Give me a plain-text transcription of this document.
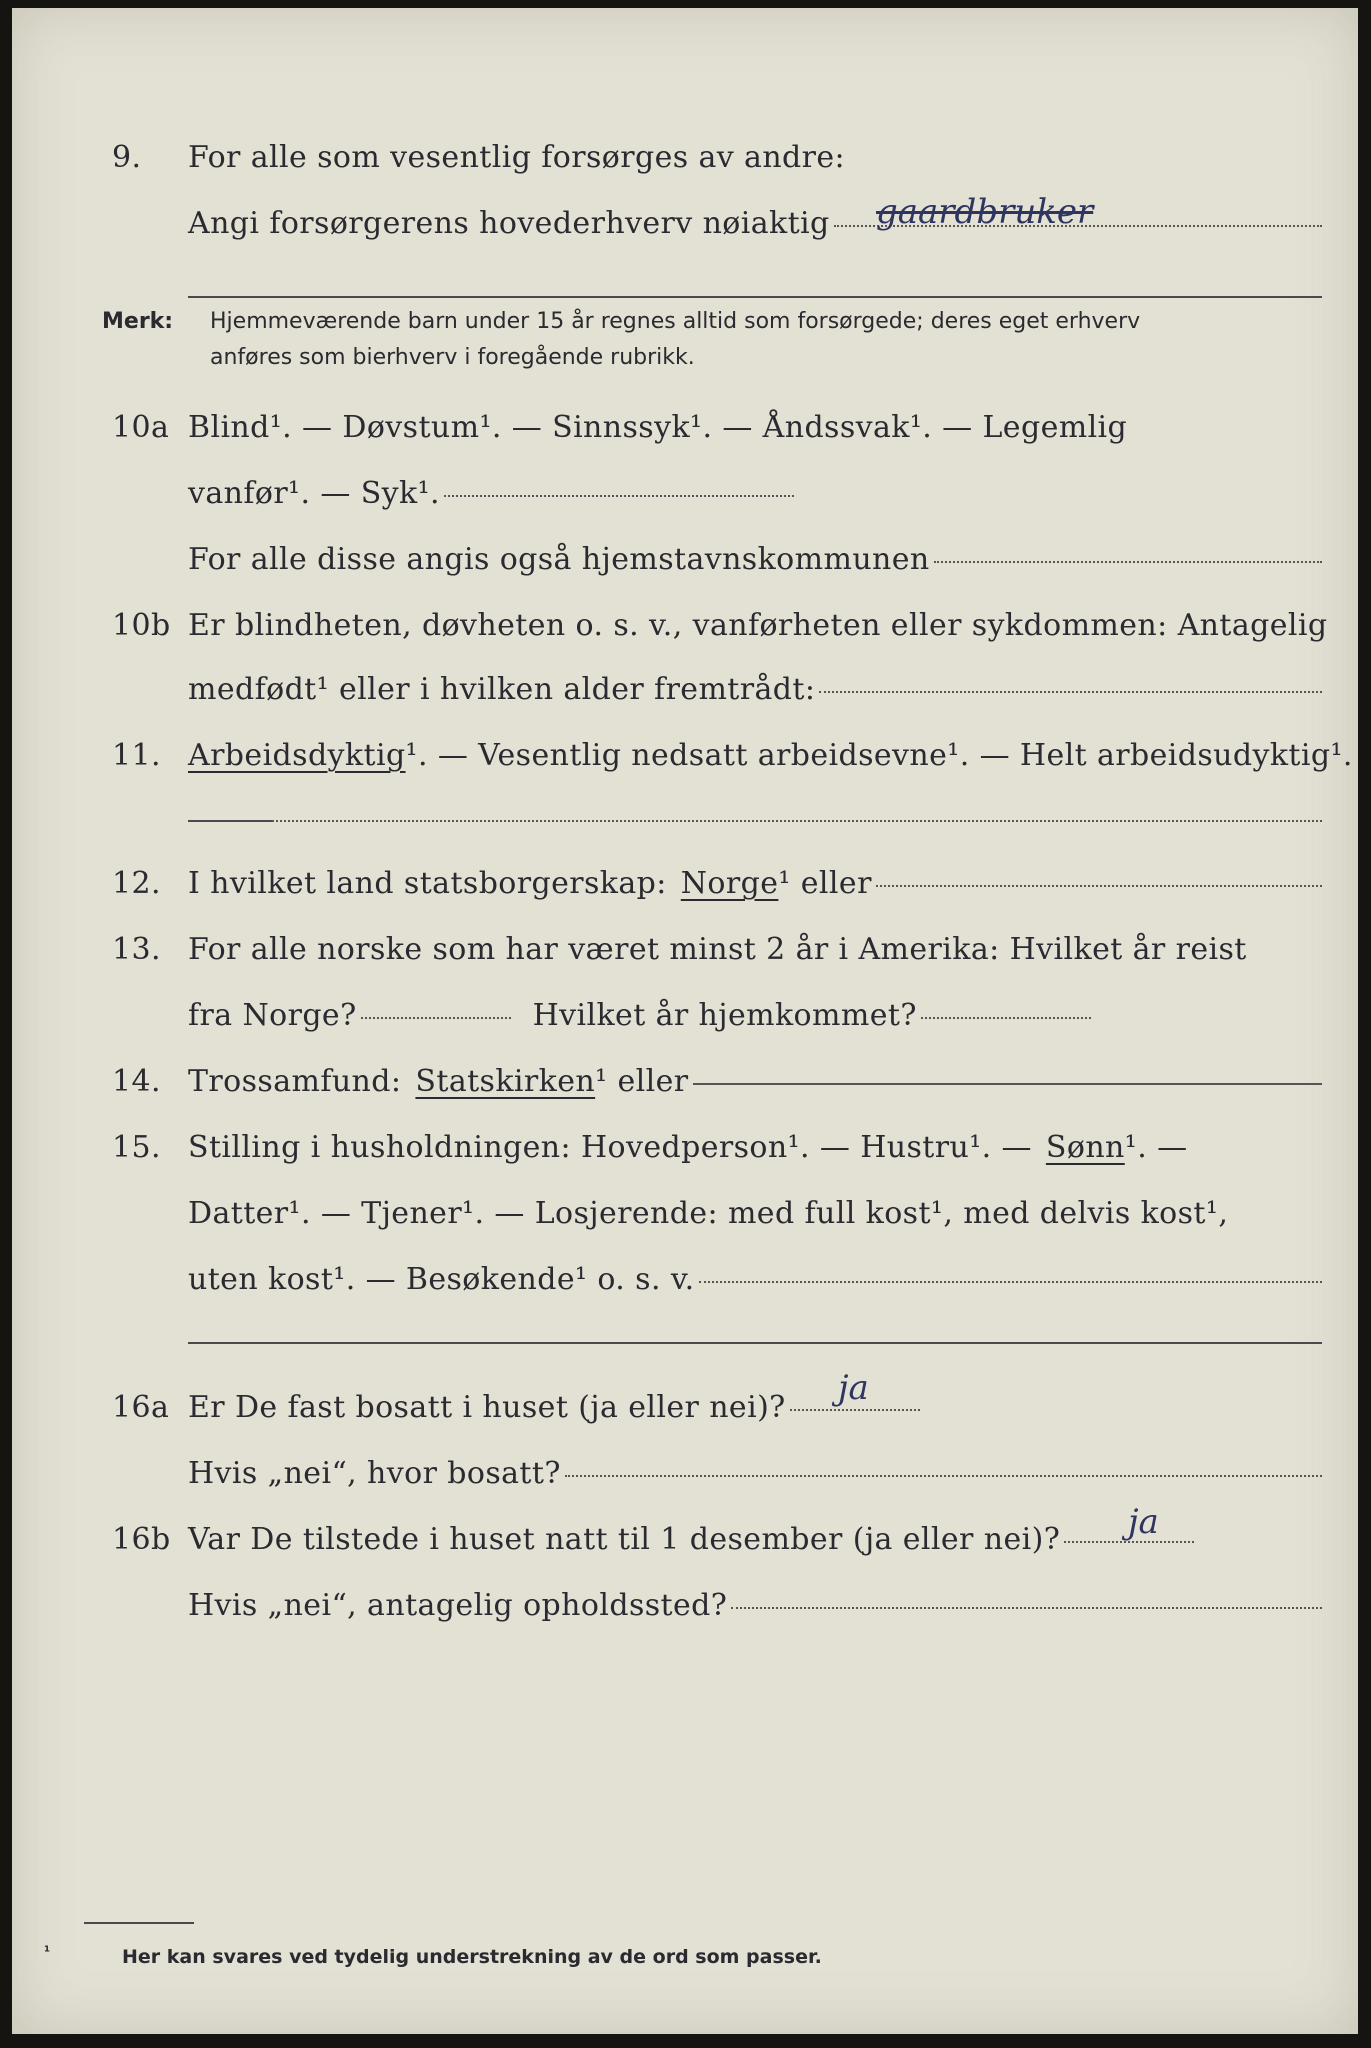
9.	For alle som vesentlig forsørges av andre:
Angi forsørgerens hovederhverv nøiaktig gaardbruker
Merk: Hjemmeværende barn under 15 år regnes alltid som forsørgede; deres eget erhverv
anføres som bierhverv i foregående rubrikk.
10a Blind¹. — Døvstum¹. — Sinnssyk¹. — Åndssvak¹. — Legemlig
vanfør¹. — Syk¹.
For alle disse angis også hjemstavnskommunen
10b Er blindheten, døvheten o. s. v., vanførheten eller sykdommen: Antagelig
medfødt¹ eller i hvilken alder fremtrådt:
11. Arbeidsdyktig ¹. — Vesentlig nedsatt arbeidsevne¹. — Helt arbeidsudyktig¹.
12. I hvilket land statsborgerskap: Norge ¹ eller
13. For alle norske som har været minst 2 år i Amerika: Hvilket år reist
fra Norge?	Hvilket år hjemkommet?
14. Trossamfund: Statskirken ¹ eller
15. Stilling i husholdningen: Hovedperson¹. — Hustru¹. — Sønn ¹. —
Datter¹. — Tjener¹. — Losjerende: med full kost¹, med delvis kost¹,
uten kost¹. — Besøkende¹ o. s. v.
16a Er De fast bosatt i huset (ja eller nei)? ja
Hvis „nei“, hvor bosatt?
16b Var De tilstede i huset natt til 1 desember (ja eller nei)? ja
Hvis „nei“, antagelig opholdssted?
¹	Her kan svares ved tydelig understrekning av de ord som passer.
